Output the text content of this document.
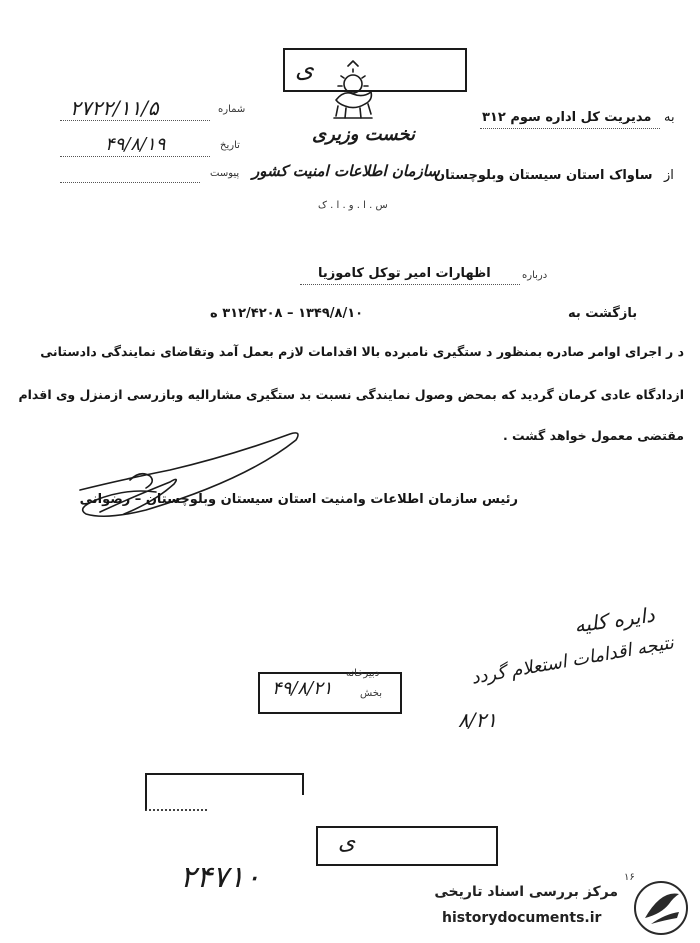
ی
نخست وزیری
شماره
۲۷۲۲/۱۱/۵
تاریخ
۴۹/۸/۱۹
پیوست
به
مدیریت کل اداره سوم ۳۱۲
از
ساواک استان سیستان وبلوچستان
سازمان اطلاعات امنیت کشور
س . ا . و . ا . ک
درباره
اظهارات امیر توکل کاموزیا
بازگشت به
۱۳۴۹/۸/۱۰ – ۳۱۲/۴۲۰۸ ه
د ر اجرای اوامر صادره بمنظور د ستگیری نامبرده بالا اقدامات لازم بعمل آمد وتقاضای نمایندگی دادستانی
ازدادگاه عادی کرمان گردید که بمحض وصول نمایندگی نسبت بد ستگیری مشارالیه وبازرسی ازمنزل وی اقدام
مقتضی معمول خواهد گشت .
رئیس سازمان اطلاعات وامنیت استان سیستان وبلوچستان – رضوانی
دایره کلیه
نتیجه اقدامات استعلام گردد
۸/۲۱
۴۹/۸/۲۱
دبیرخانه
بخش
ی
۲۴۷۱۰	۱۶
مرکز بررسی اسناد تاریخی
historydocuments.ir
